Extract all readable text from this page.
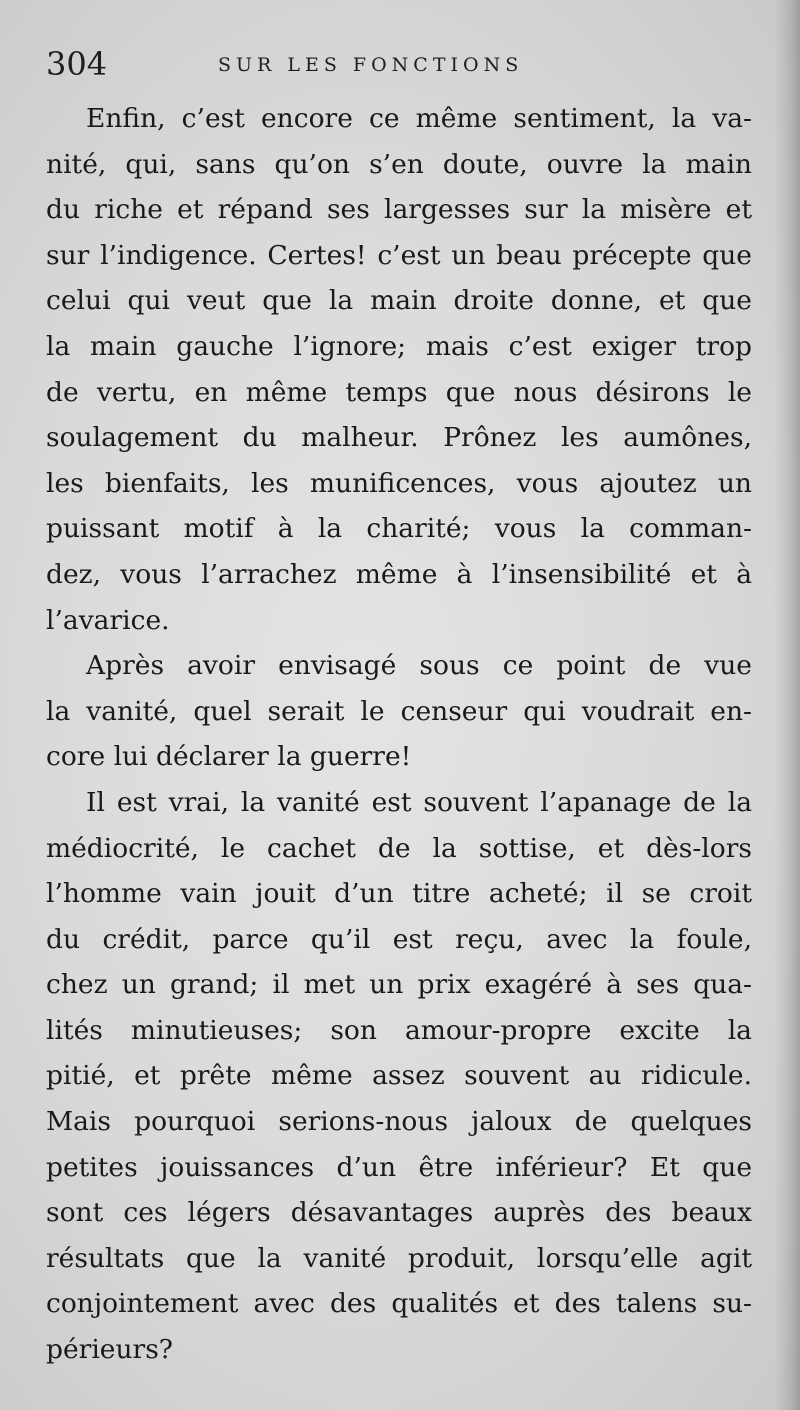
304	SUR LES FONCTIONS
Enfin, c’est encore ce même sentiment, la va-
nité, qui, sans qu’on s’en doute, ouvre la main
du riche et répand ses largesses sur la misère et
sur l’indigence. Certes! c’est un beau précepte que
celui qui veut que la main droite donne, et que
la main gauche l’ignore; mais c’est exiger trop
de vertu, en même temps que nous désirons le
soulagement du malheur. Prônez les aumônes,
les bienfaits, les munificences, vous ajoutez un
puissant motif à la charité; vous la comman-
dez, vous l’arrachez même à l’insensibilité et à
l’avarice.
Après avoir envisagé sous ce point de vue
la vanité, quel serait le censeur qui voudrait en-
core lui déclarer la guerre!
Il est vrai, la vanité est souvent l’apanage de la
médiocrité, le cachet de la sottise, et dès-lors
l’homme vain jouit d’un titre acheté; il se croit
du crédit, parce qu’il est reçu, avec la foule,
chez un grand; il met un prix exagéré à ses qua-
lités minutieuses; son amour-propre excite la
pitié, et prête même assez souvent au ridicule.
Mais pourquoi serions-nous jaloux de quelques
petites jouissances d’un être inférieur? Et que
sont ces légers désavantages auprès des beaux
résultats que la vanité produit, lorsqu’elle agit
conjointement avec des qualités et des talens su-
périeurs?
